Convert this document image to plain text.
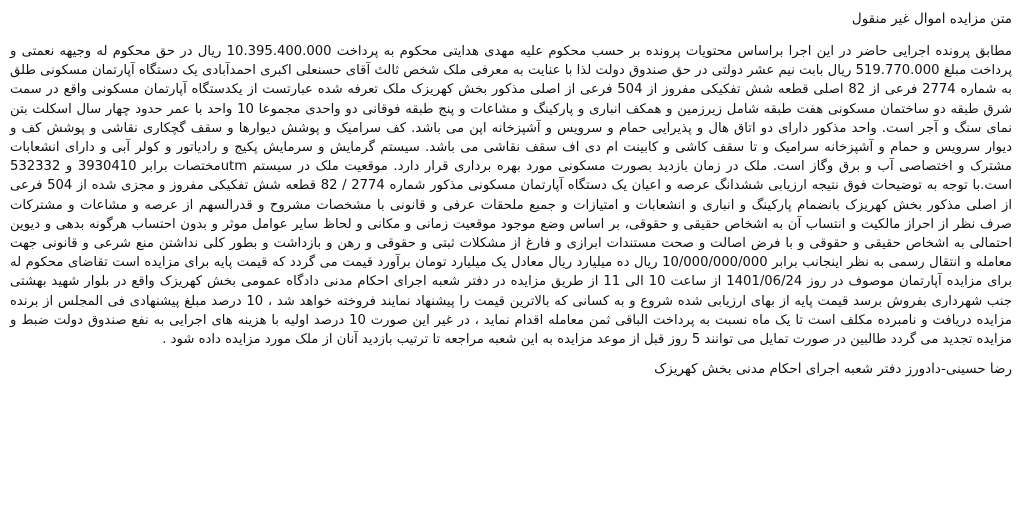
متن مزایده اموال غیر منقول

مطابق پرونده اجرایی حاضر در این اجرا براساس محتویات پرونده بر حسب محکوم علیه مهدی هدایتی محکوم به پرداخت 10.395.400.000 ریال در حق محکوم له وجیهه نعمتی و پرداخت مبلغ 519.770.000 ریال بابت نیم عشر دولتی در حق صندوق دولت لذا با عنایت به معرفی ملک شخص ثالث آقای حسنعلی اکبری احمدآبادی یک دستگاه آپارتمان مسکونی طلق به شماره 2774 فرعی از 82 اصلی قطعه شش تفکیکی مفروز از 504 فرعی از اصلی مذکور بخش کهریزک ملک تعرفه شده عبارتست از یکدستگاه آپارتمان مسکونی واقع در سمت شرق طبقه دو ساختمان مسکونی هفت طبقه شامل زیرزمین و همکف انباری و پارکینگ و مشاعات و پنج طبقه فوقانی دو واحدی مجموعا 10 واحد با عمر حدود چهار سال اسکلت بتن نمای سنگ و آجر است. واحد مذکور دارای دو اتاق هال و پذیرایی حمام و سرویس و آشپزخانه اپن می باشد. کف سرامیک و پوشش دیوارها و سقف گچکاری نقاشی و پوشش کف و دیوار سرویس و حمام و آشپزخانه سرامیک و تا سقف کاشی و کابینت ام دی اف سقف نقاشی می باشد. سیستم گرمایش و سرمایش پکیج و رادیاتور و کولر آبی و دارای انشعابات مشترک و اختصاصی آب و برق وگاز است. ملک در زمان بازدید بصورت مسکونی مورد بهره برداری قرار دارد. موقعیت ملک در سیستم utmمختصات برابر 3930410 و 532332 است.با توجه به توضیحات فوق نتیجه ارزیابی ششدانگ عرصه و اعیان یک دستگاه آپارتمان مسکونی مذکور شماره 2774 / 82 قطعه شش تفکیکی مفروز و مجزی شده از 504 فرعی از اصلی مذکور بخش کهریزک بانضمام پارکینگ و انباری و انشعابات و امتیازات و جمیع ملحقات عرفی و قانونی با مشخصات مشروح و قدرالسهم از عرصه و مشاعات و مشترکات صرف نظر از احراز مالکیت و انتساب آن به اشخاص حقیقی و حقوقی، بر اساس وضع موجود موقعیت زمانی و مکانی و لحاظ سایر عوامل موثر و بدون احتساب هرگونه بدهی و دیوین احتمالی به اشخاص حقیقی و حقوقی و با فرض اصالت و صحت مستندات ابرازی و فارغ از مشکلات ثبتی و حقوقی و رهن و بازداشت و بطور کلی نداشتن منع شرعی و قانونی جهت معامله و انتقال رسمی به نظر اینجانب برابر 10/000/000/000 ریال ده میلیارد ریال معادل یک میلیارد تومان برآورد قیمت می گردد که قیمت پایه برای مزایده است تقاضای محکوم له برای مزایده آپارتمان موصوف در روز 1401/06/24 از ساعت 10 الی 11 از طریق مزایده در دفتر شعبه اجرای احکام مدنی دادگاه عمومی بخش کهریزک واقع در بلوار شهید بهشتی جنب شهرداری بفروش برسد قیمت پایه از بهای ارزیابی شده شروع و به کسانی که بالاترین قیمت را پیشنهاد نمایند فروخته خواهد شد ، 10 درصد مبلغ پیشنهادی فی المجلس از برنده مزایده دریافت و نامبرده مکلف است تا یک ماه نسبت به پرداخت الباقی ثمن معامله اقدام نماید ، در غیر این صورت 10 درصد اولیه با هزینه های اجرایی به نفع صندوق دولت ضبط و مزایده تجدید می گردد طالبین در صورت تمایل می توانند 5 روز قبل از موعد مزایده به این شعبه مراجعه تا ترتیب بازدید آنان از ملک مورد مزایده داده شود .

رضا حسینی-دادورز دفتر شعبه اجرای احکام مدنی بخش کهریزک
